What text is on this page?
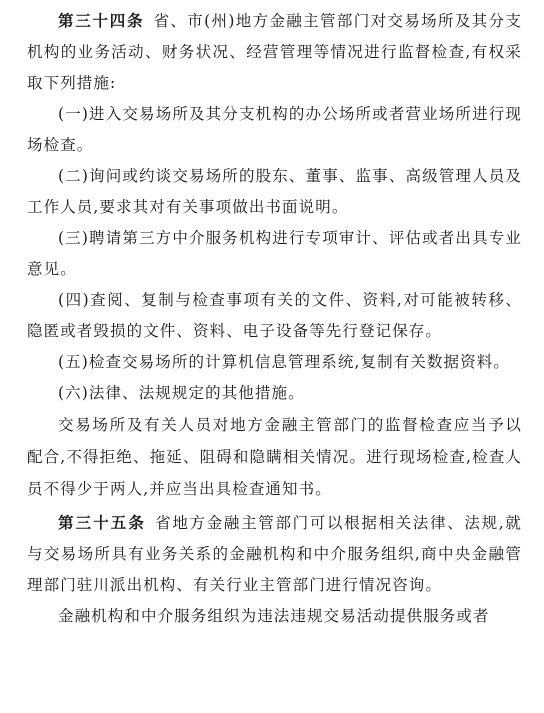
第三十四条 省、市(州)地方金融主管部门对交易场所及其分支机构的业务活动、财务状况、经营管理等情况进行监督检查,有权采取下列措施:

(一)进入交易场所及其分支机构的办公场所或者营业场所进行现场检查。

(二)询问或约谈交易场所的股东、董事、监事、高级管理人员及工作人员,要求其对有关事项做出书面说明。

(三)聘请第三方中介服务机构进行专项审计、评估或者出具专业意见。

(四)查阅、复制与检查事项有关的文件、资料,对可能被转移、隐匿或者毁损的文件、资料、电子设备等先行登记保存。

(五)检查交易场所的计算机信息管理系统,复制有关数据资料。

(六)法律、法规规定的其他措施。

交易场所及有关人员对地方金融主管部门的监督检查应当予以配合,不得拒绝、拖延、阻碍和隐瞒相关情况。进行现场检查,检查人员不得少于两人,并应当出具检查通知书。

第三十五条 省地方金融主管部门可以根据相关法律、法规,就与交易场所具有业务关系的金融机构和中介服务组织,商中央金融管理部门驻川派出机构、有关行业主管部门进行情况咨询。

金融机构和中介服务组织为违法违规交易活动提供服务或者
